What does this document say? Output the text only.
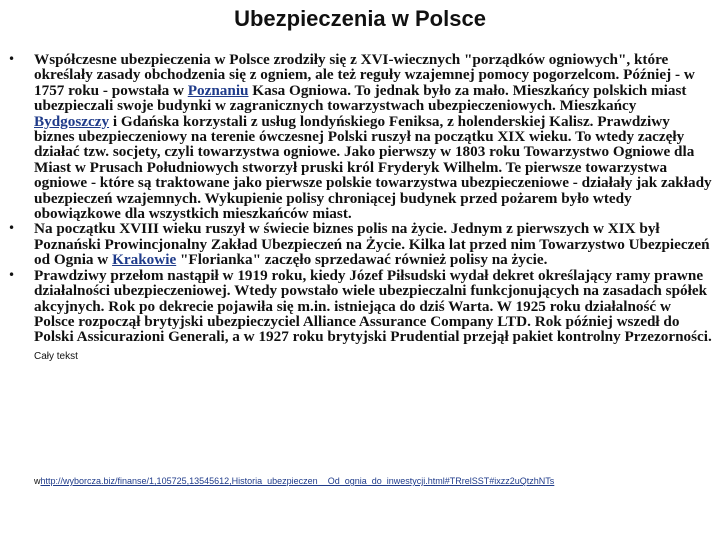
Ubezpieczenia w Polsce
• Współczesne ubezpieczenia w Polsce zrodziły się z XVI-wiecznych "porządków ogniowych", które określały zasady obchodzenia się z ogniem, ale też reguły wzajemnej pomocy pogorzelcom. Później - w 1757 roku - powstała w Poznaniu Kasa Ogniowa. To jednak było za mało. Mieszkańcy polskich miast ubezpieczali swoje budynki w zagranicznych towarzystwach ubezpieczeniowych. Mieszkańcy Bydgoszczy i Gdańska korzystali z usług londyńskiego Feniksa, z holenderskiej Kalisz. Prawdziwy biznes ubezpieczeniowy na terenie ówczesnej Polski ruszył na początku XIX wieku. To wtedy zaczęły działać tzw. socjety, czyli towarzystwa ogniowe. Jako pierwszy w 1803 roku Towarzystwo Ogniowe dla Miast w Prusach Południowych stworzył pruski król Fryderyk Wilhelm. Te pierwsze towarzystwa ogniowe - które są traktowane jako pierwsze polskie towarzystwa ubezpieczeniowe - działały jak zakłady ubezpieczeń wzajemnych. Wykupienie polisy chroniącej budynek przed pożarem było wtedy obowiązkowe dla wszystkich mieszkańców miast.
• Na początku XVIII wieku ruszył w świecie biznes polis na życie. Jednym z pierwszych w XIX był Poznański Prowincjonalny Zakład Ubezpieczeń na Życie. Kilka lat przed nim Towarzystwo Ubezpieczeń od Ognia w Krakowie "Florianka" zaczęło sprzedawać również polisy na życie.
• Prawdziwy przełom nastąpił w 1919 roku, kiedy Józef Piłsudski wydał dekret określający ramy prawne działalności ubezpieczeniowej. Wtedy powstało wiele ubezpieczalni funkcjonujących na zasadach spółek akcyjnych. Rok po dekrecie pojawiła się m.in. istniejąca do dziś Warta. W 1925 roku działalność w Polsce rozpoczął brytyjski ubezpieczyciel Alliance Assurance Company LTD. Rok później wszedł do Polski Assicurazioni Generali, a w 1927 roku brytyjski Prudential przejął pakiet kontrolny Przezorności. Cały tekst
whttp://wyborcza.biz/finanse/1,105725,13545612,Historia_ubezpieczen__Od_ognia_do_inwestycji.html#TRrelSST#ixzz2uQtzhNTs
